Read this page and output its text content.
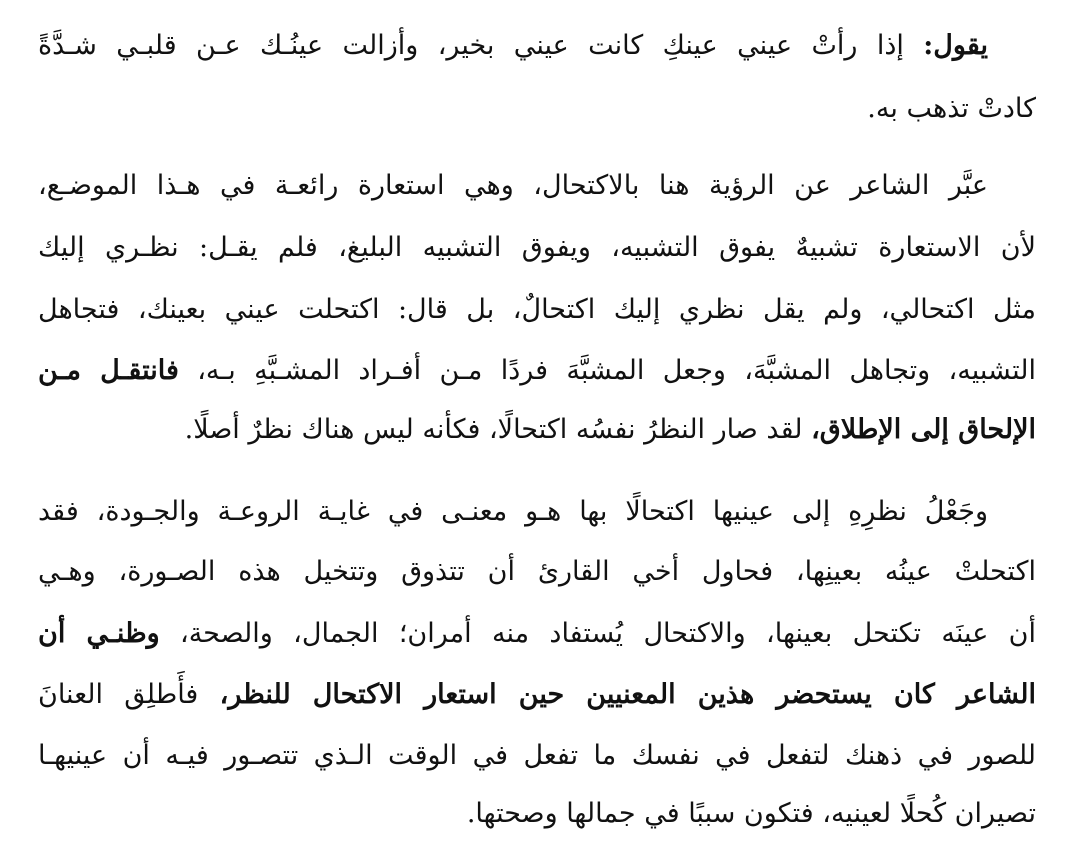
يقول: إذا رأتْ عيني عينكِ كانت عيني بخير، وأزالت عينُـك عـن قلبـي شـدَّةً
كادتْ تذهب به.
عبَّر الشاعر عن الرؤية هنا بالاكتحال، وهي استعارة رائعـة في هـذا الموضـع،
لأن الاستعارة تشبيهٌ يفوق التشبيه، ويفوق التشبيه البليغ، فلم يقـل: نظـري إليك
مثل اكتحالي، ولم يقل نظري إليك اكتحالٌ، بل قال: اكتحلت عيني بعينك، فتجاهل
التشبيه، وتجاهل المشبَّهَ، وجعل المشبَّهَ فردًا مـن أفـراد المشـبَّهِ بـه، فانتقـل مـن
الإلحاق إلى الإطلاق، لقد صار النظرُ نفسُه اكتحالًا، فكأنه ليس هناك نظرٌ أصلًا.
وجَعْلُ نظرِهِ إلى عينيها اكتحالًا بها هـو معنـى في غايـة الروعـة والجـودة، فقد
اكتحلتْ عينُه بعينِها، فحاول أخي القارئ أن تتذوق وتتخيل هذه الصـورة، وهـي
أن عينَه تكتحل بعينها، والاكتحال يُستفاد منه أمران؛ الجمال، والصحة، وظنـي أن
الشاعر كان يستحضر هذين المعنيين حين استعار الاكتحال للنظر، فأَطلِق العنانَ
للصور في ذهنك لتفعل في نفسك ما تفعل في الوقت الـذي تتصـور فيـه أن عينيهـا
تصيران كُحلًا لعينيه، فتكون سببًا في جمالها وصحتها.
